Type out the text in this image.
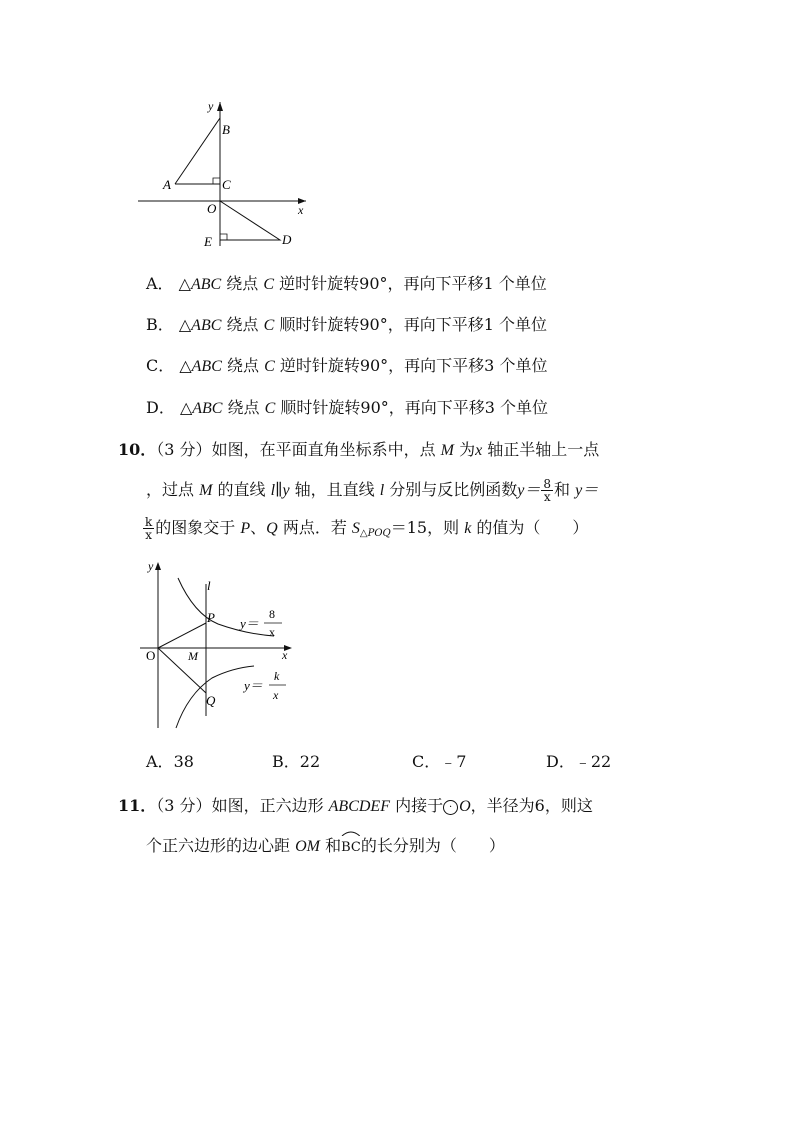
y
B
A	C
O	x
E	D
A． △ABC 绕点 C 逆时针旋转90°，再向下平移1 个单位
B． △ABC 绕点 C 顺时针旋转90°，再向下平移1 个单位
C． △ABC 绕点 C 逆时针旋转90°，再向下平移3 个单位
D． △ABC 绕点 C 顺时针旋转90°，再向下平移3 个单位
10．（3 分）如图，在平面直角坐标系中，点 M 为x 轴正半轴上一点
，过点 M 的直线 l∥y 轴，且直线 l 分别与反比例函数$y= \frac{8}{x}$ 和 y＝
$\frac{k}{x}$ 的图象交于 P、Q 两点．若 $S_{\triangle POQ}=15$，则 k 的值为（　　）
y
l
P
O	M	x
Q
y＝
8
x
y＝
k
x
A．38	B．22	C．﹣7	D．﹣22
11．（3 分）如图，正六边形 ABCDEF 内接于 · O，半径为6，则这
个正六边形的边心距 OM 和
BC的长分别为（　　）
